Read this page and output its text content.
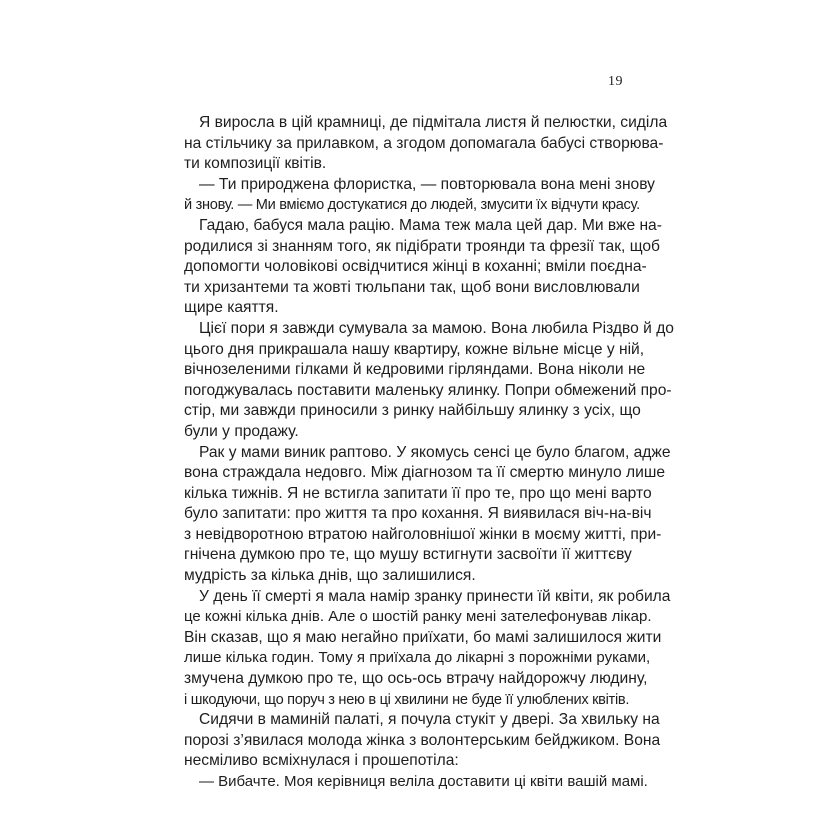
19

Я виросла в цій крамниці, де підмітала листя й пелюстки, сиділа
на стільчику за прилавком, а згодом допомагала бабусі створюва-
ти композиції квітів.

— Ти природжена флористка, — повторювала вона мені знову
й знову. — Ми вміємо достукатися до людей, змусити їх відчути красу.

Гадаю, бабуся мала рацію. Мама теж мала цей дар. Ми вже на-
родилися зі знанням того, як підібрати троянди та фрезії так, щоб
допомогти чоловікові освідчитися жінці в коханні; вміли поєдна-
ти хризантеми та жовті тюльпани так, щоб вони висловлювали
щире каяття.

Цієї пори я завжди сумувала за мамою. Вона любила Різдво й до
цього дня прикрашала нашу квартиру, кожне вільне місце у ній,
вічнозеленими гілками й кедровими гірляндами. Вона ніколи не
погоджувалась поставити маленьку ялинку. Попри обмежений про-
стір, ми завжди приносили з ринку найбільшу ялинку з усіх, що
були у продажу.

Рак у мами виник раптово. У якомусь сенсі це було благом, адже
вона страждала недовго. Між діагнозом та її смертю минуло лише
кілька тижнів. Я не встигла запитати її про те, про що мені варто
було запитати: про життя та про кохання. Я виявилася віч-на-віч
з невідворотною втратою найголовнішої жінки в моєму житті, при-
гнічена думкою про те, що мушу встигнути засвоїти її життєву
мудрість за кілька днів, що залишилися.

У день її смерті я мала намір зранку принести їй квіти, як робила
це кожні кілька днів. Але о шостій ранку мені зателефонував лікар.
Він сказав, що я маю негайно приїхати, бо мамі залишилося жити
лише кілька годин. Тому я приїхала до лікарні з порожніми руками,
змучена думкою про те, що ось-ось втрачу найдорожчу людину,
і шкодуючи, що поруч з нею в ці хвилини не буде її улюблених квітів.

Сидячи в маминій палаті, я почула стукіт у двері. За хвильку на
порозі з’явилася молода жінка з волонтерським бейджиком. Вона
несміливо всміхнулася і прошепотіла:

— Вибачте. Моя керівниця веліла доставити ці квіти вашій мамі.
